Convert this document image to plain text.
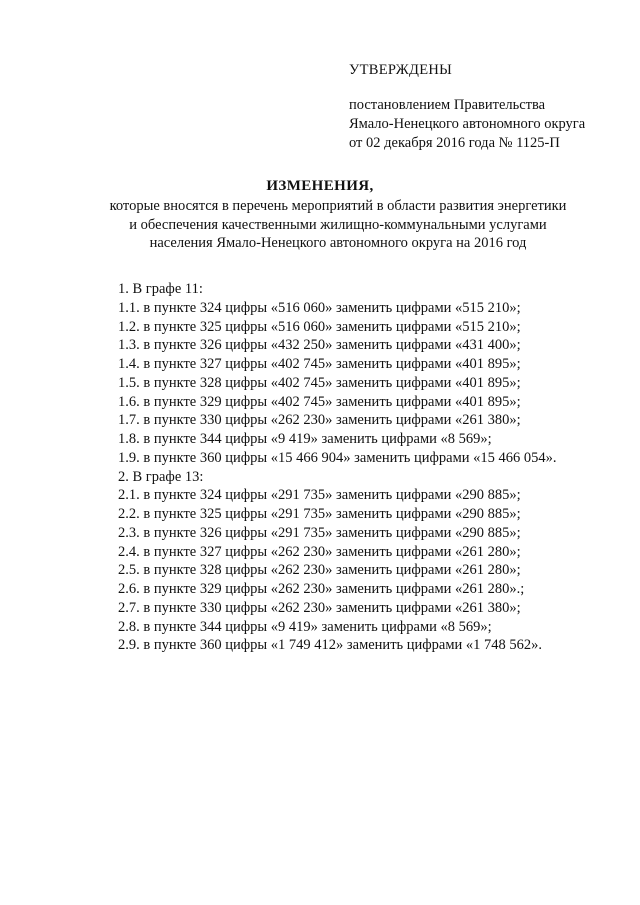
УТВЕРЖДЕНЫ
постановлением Правительства
Ямало-Ненецкого автономного округа
от 02 декабря 2016 года № 1125-П
ИЗМЕНЕНИЯ,
которые вносятся в перечень мероприятий в области развития энергетики
и обеспечения качественными жилищно-коммунальными услугами
населения Ямало-Ненецкого автономного округа на 2016 год
1. В графе 11:
1.1. в пункте 324 цифры «516 060» заменить цифрами «515 210»;
1.2. в пункте 325 цифры «516 060» заменить цифрами «515 210»;
1.3. в пункте 326 цифры «432 250» заменить цифрами «431 400»;
1.4. в пункте 327 цифры «402 745» заменить цифрами «401 895»;
1.5. в пункте 328 цифры «402 745» заменить цифрами «401 895»;
1.6. в пункте 329 цифры «402 745» заменить цифрами «401 895»;
1.7. в пункте 330 цифры «262 230» заменить цифрами «261 380»;
1.8. в пункте 344 цифры «9 419» заменить цифрами «8 569»;
1.9. в пункте 360 цифры «15 466 904» заменить цифрами «15 466 054».
2. В графе 13:
2.1. в пункте 324 цифры «291 735» заменить цифрами «290 885»;
2.2. в пункте 325 цифры «291 735» заменить цифрами «290 885»;
2.3. в пункте 326 цифры «291 735» заменить цифрами «290 885»;
2.4. в пункте 327 цифры «262 230» заменить цифрами «261 280»;
2.5. в пункте 328 цифры «262 230» заменить цифрами «261 280»;
2.6. в пункте 329 цифры «262 230» заменить цифрами «261 280».;
2.7. в пункте 330 цифры «262 230» заменить цифрами «261 380»;
2.8. в пункте 344 цифры «9 419» заменить цифрами «8 569»;
2.9. в пункте 360 цифры «1 749 412» заменить цифрами «1 748 562».
